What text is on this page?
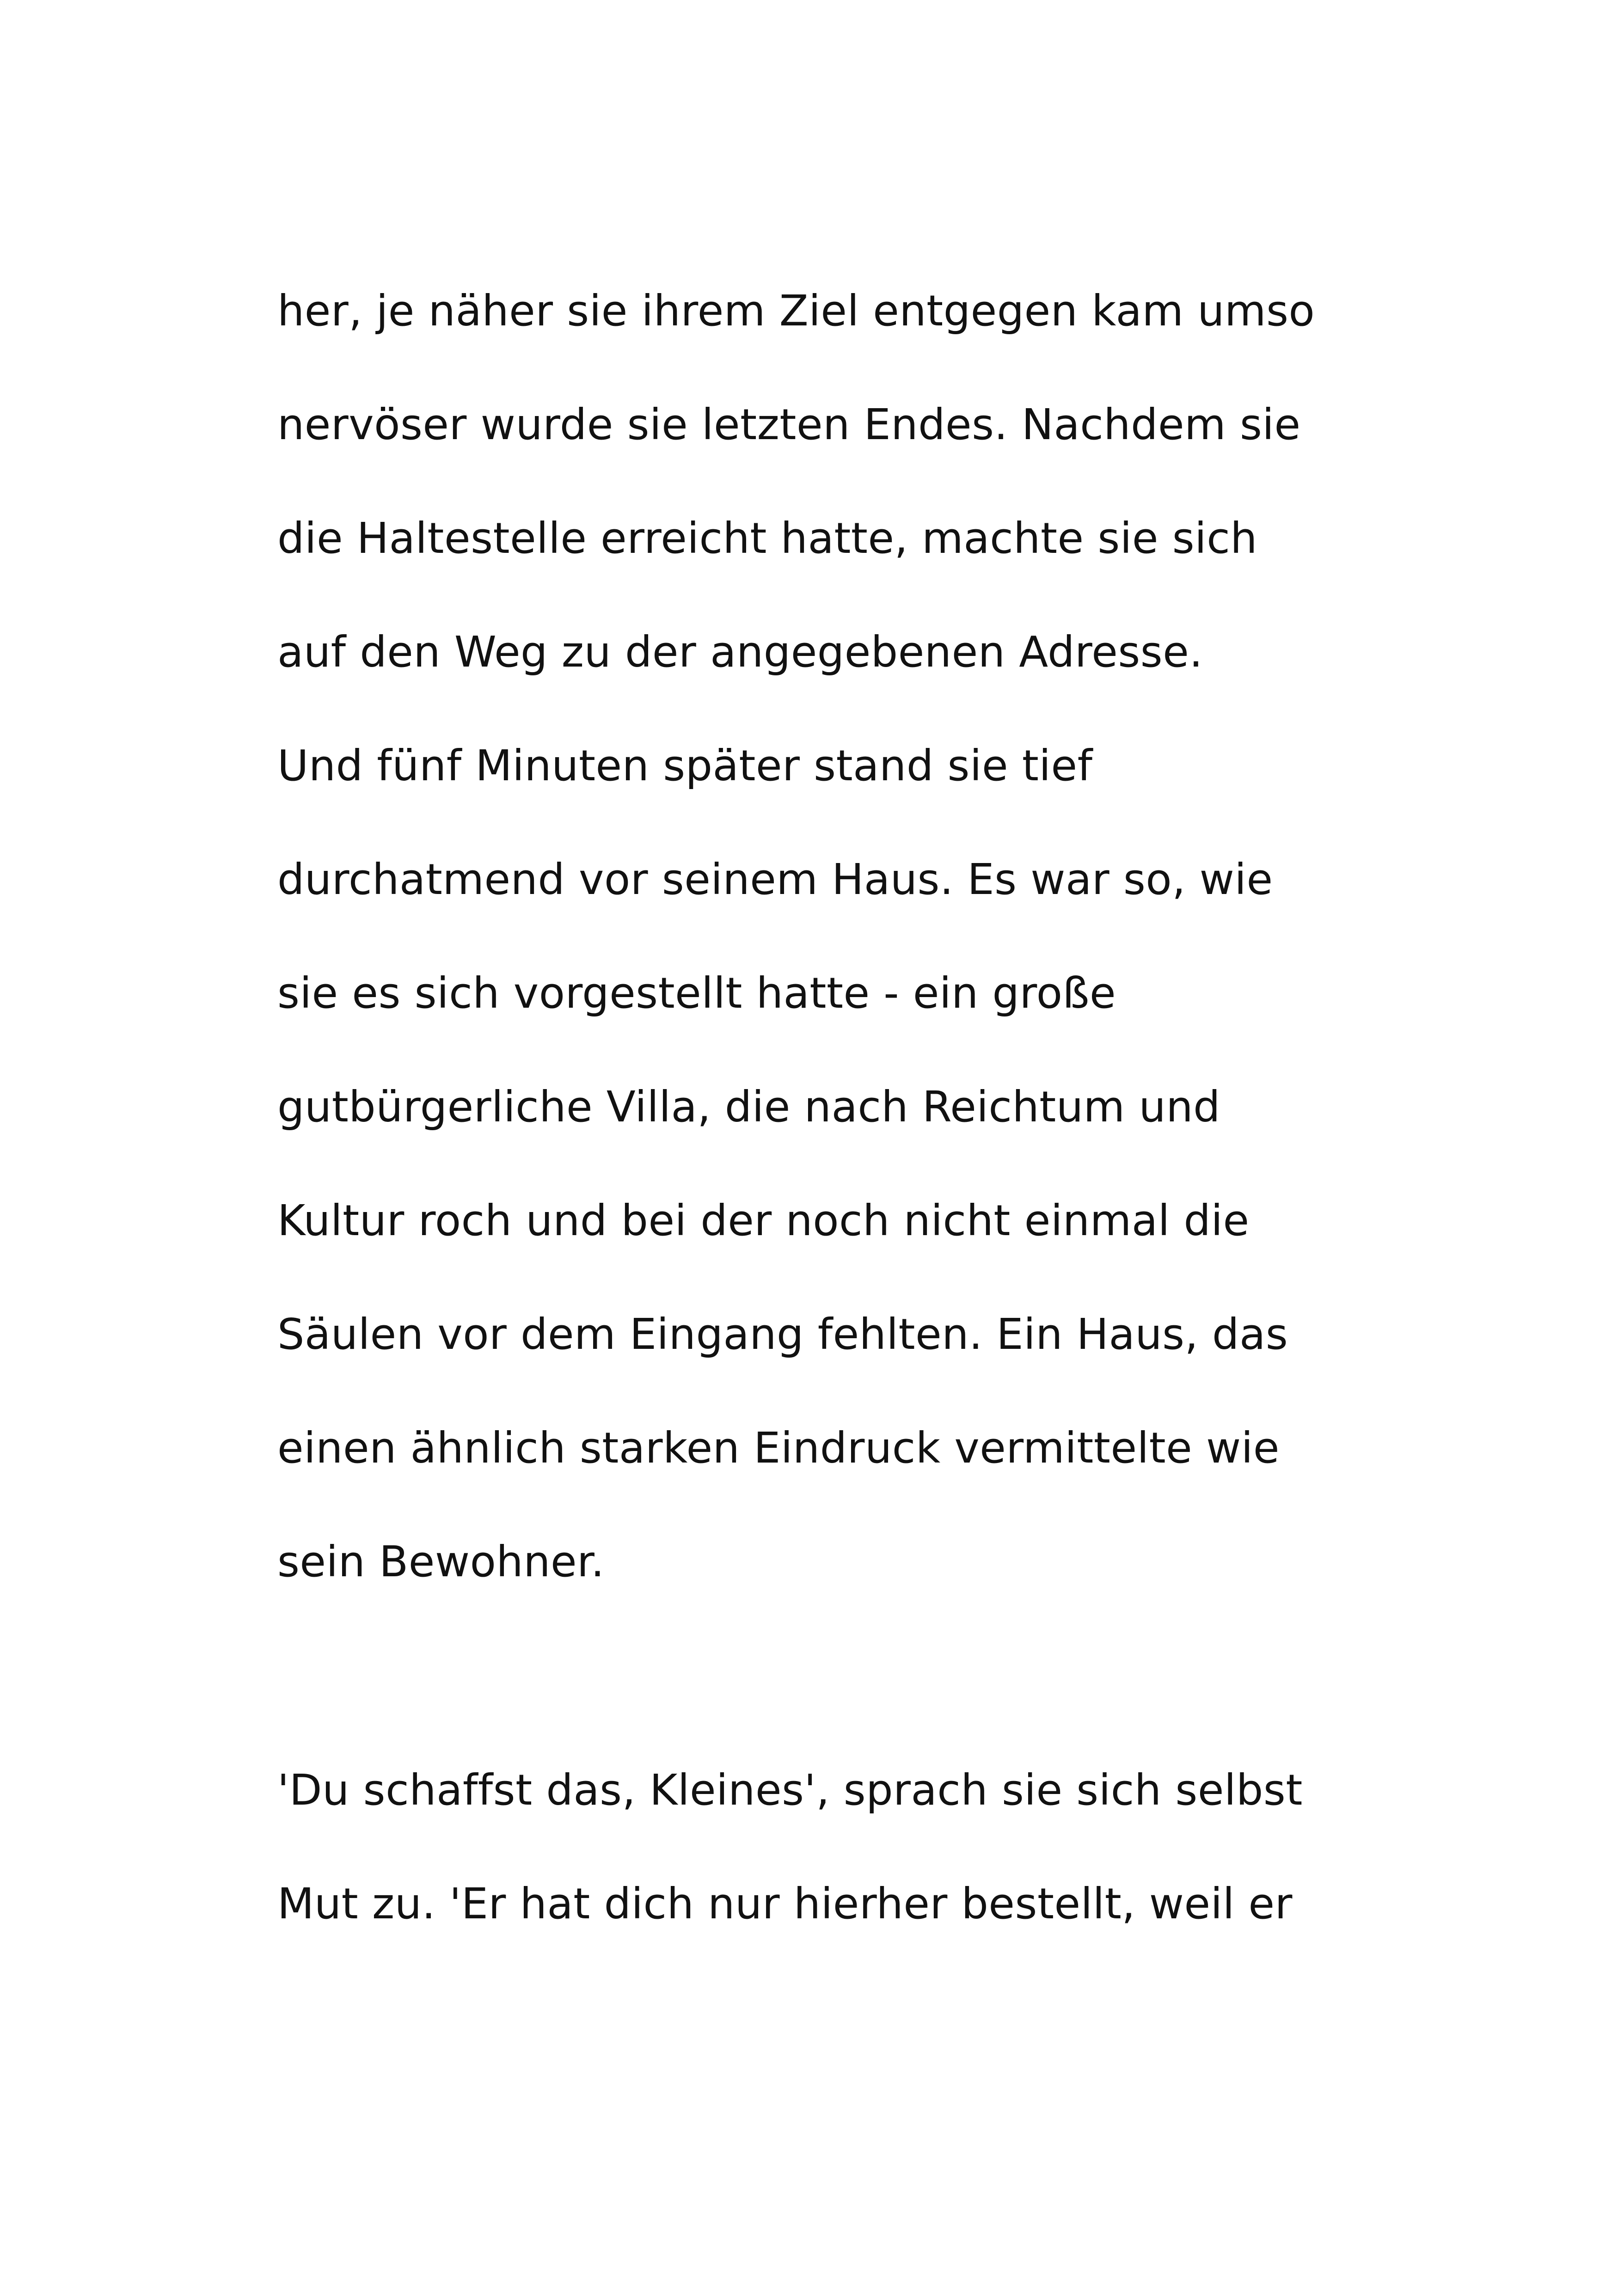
her, je näher sie ihrem Ziel entgegen kam umso
nervöser wurde sie letzten Endes. Nachdem sie
die Haltestelle erreicht hatte, machte sie sich
auf den Weg zu der angegebenen Adresse.
Und fünf Minuten später stand sie tief
durchatmend vor seinem Haus. Es war so, wie
sie es sich vorgestellt hatte - ein große
gutbürgerliche Villa, die nach Reichtum und
Kultur roch und bei der noch nicht einmal die
Säulen vor dem Eingang fehlten. Ein Haus, das
einen ähnlich starken Eindruck vermittelte wie
sein Bewohner.
'Du schaffst das, Kleines', sprach sie sich selbst
Mut zu. 'Er hat dich nur hierher bestellt, weil er
